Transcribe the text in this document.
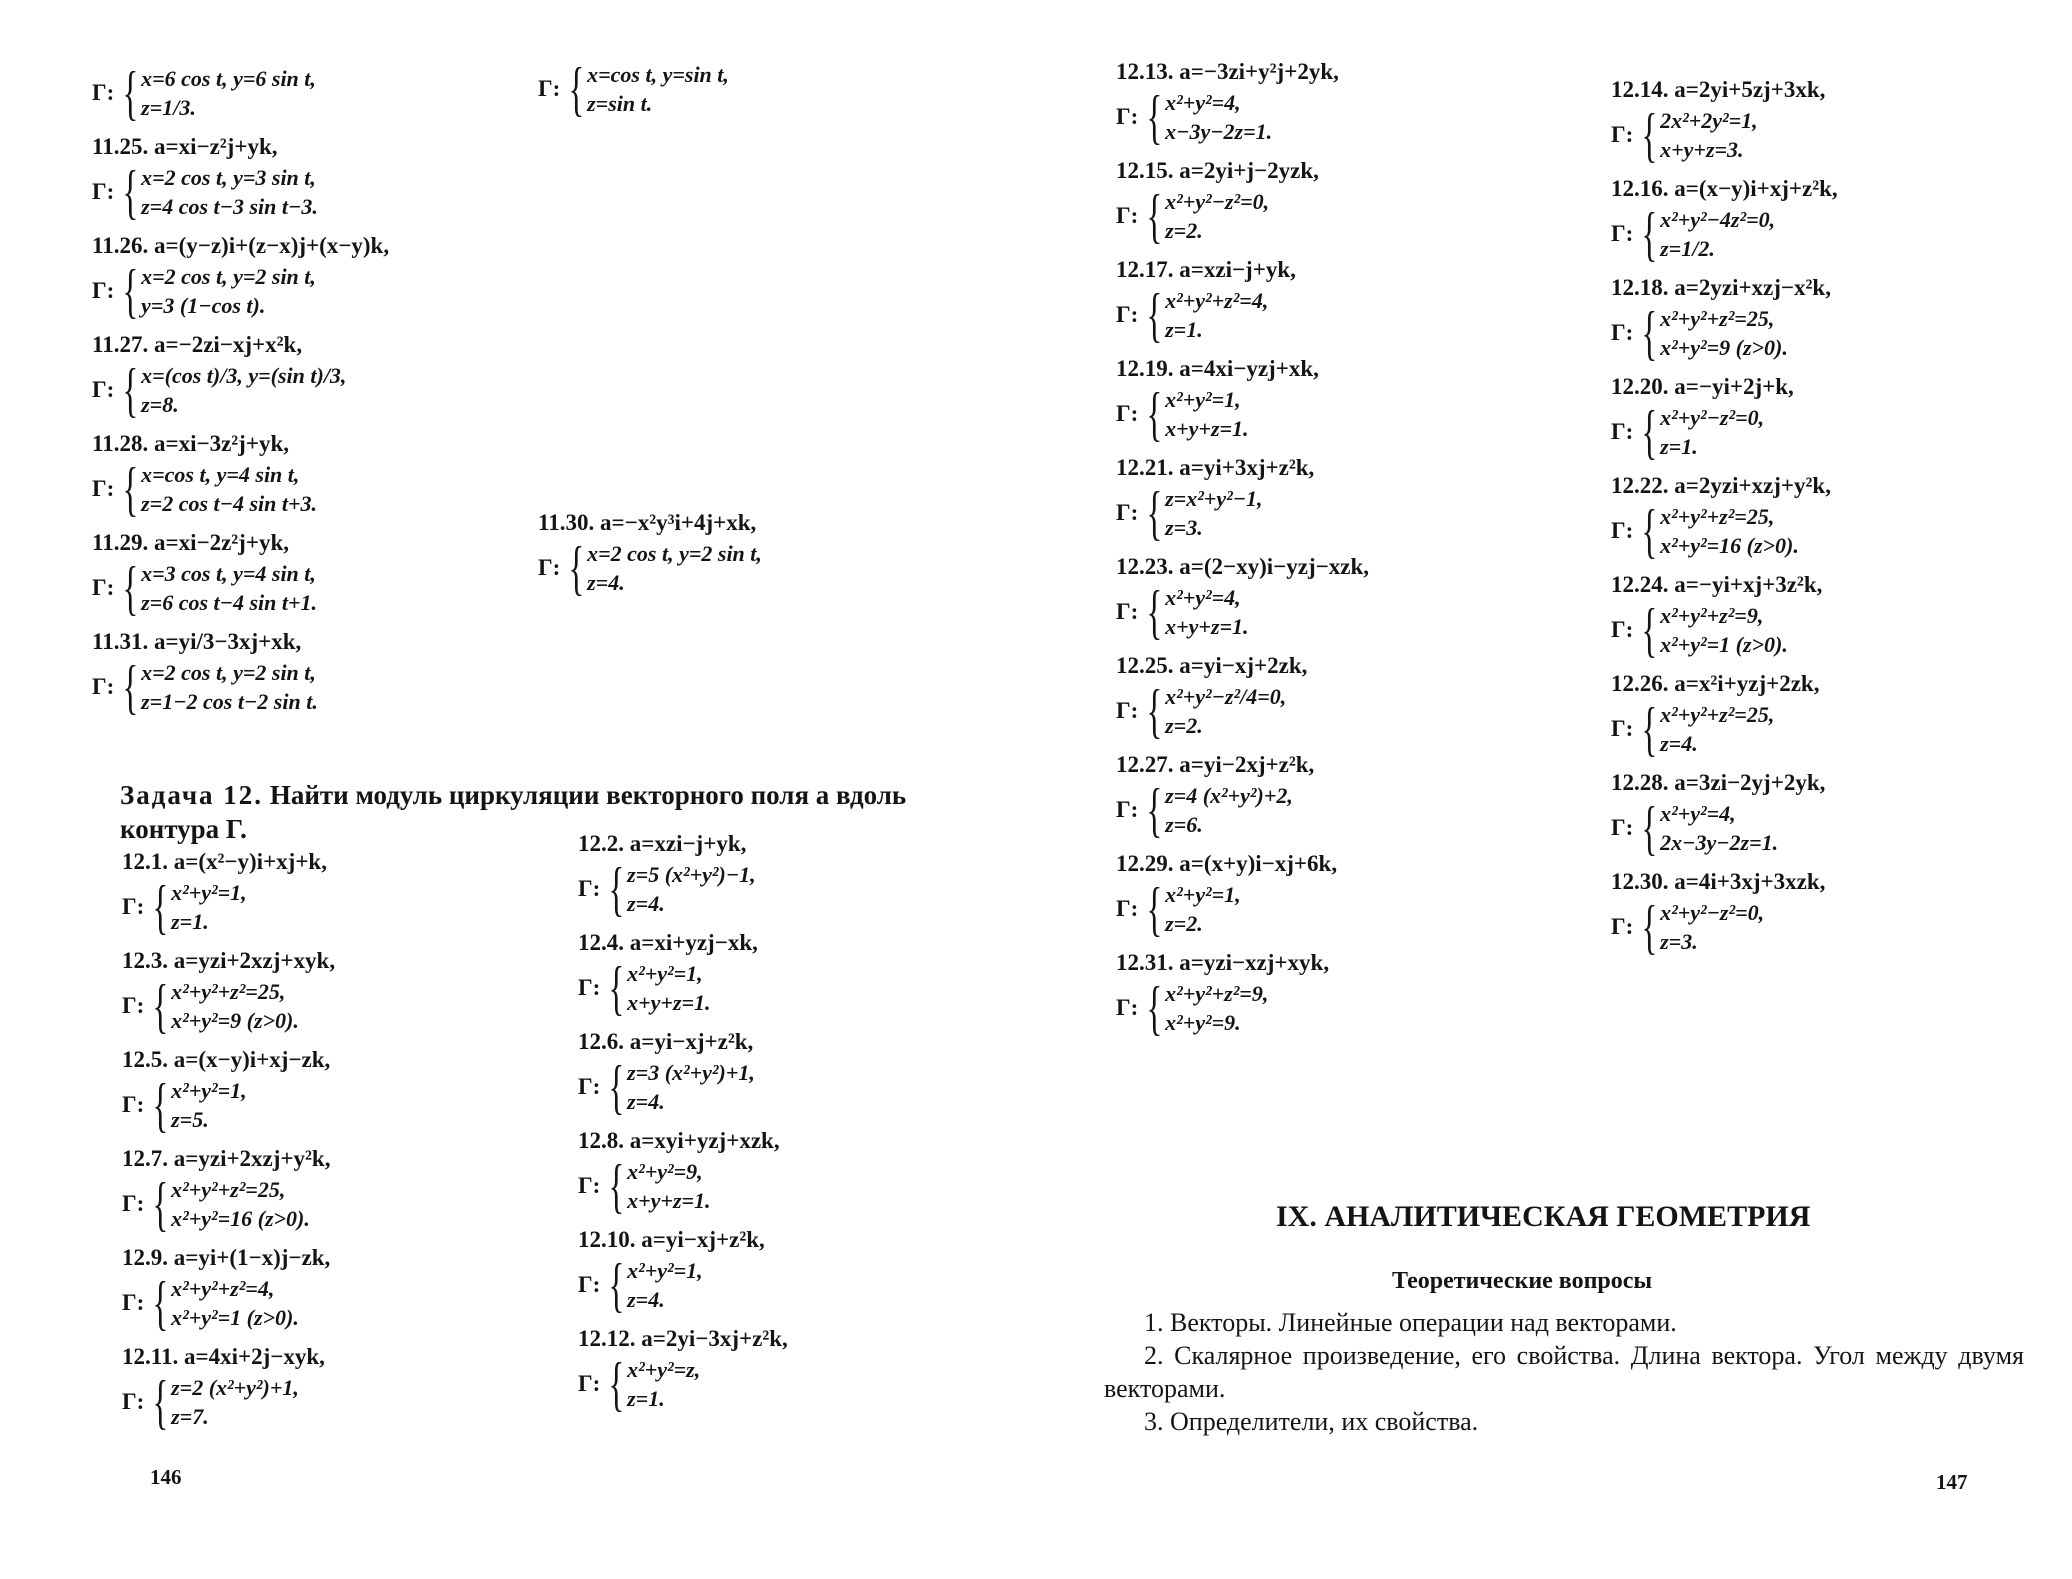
Г: { x=6 cos t, y=6 sin t,
z=1/3.
11.25. a=xi−z²j+yk,
Г: { x=2 cos t, y=3 sin t,
z=4 cos t−3 sin t−3.
11.26. a=(y−z)i+(z−x)j+(x−y)k,
Г: { x=2 cos t, y=2 sin t,
y=3 (1−cos t).
11.27. a=−2zi−xj+x²k,
Г: { x=(cos t)/3, y=(sin t)/3,
z=8.
11.28. a=xi−3z²j+yk,
Г: { x=cos t, y=4 sin t,
z=2 cos t−4 sin t+3.
11.29. a=xi−2z²j+yk,
Г: { x=3 cos t, y=4 sin t,
z=6 cos t−4 sin t+1.
11.31. a=yi/3−3xj+xk,
Г: { x=2 cos t, y=2 sin t,
z=1−2 cos t−2 sin t.
Г: { x=cos t, y=sin t,
z=sin t.
11.30. a=−x²y³i+4j+xk,
Г: { x=2 cos t, y=2 sin t,
z=4.
Задача 12. Найти модуль циркуляции векторного поля a вдоль контура Г.
12.1. a=(x²−y)i+xj+k,
Г: { x²+y²=1,
z=1.
12.3. a=yzi+2xzj+xyk,
Г: { x²+y²+z²=25,
x²+y²=9 (z>0).
12.5. a=(x−y)i+xj−zk,
Г: { x²+y²=1,
z=5.
12.7. a=yzi+2xzj+y²k,
Г: { x²+y²+z²=25,
x²+y²=16 (z>0).
12.9. a=yi+(1−x)j−zk,
Г: { x²+y²+z²=4,
x²+y²=1 (z>0).
12.11. a=4xi+2j−xyk,
Г: { z=2 (x²+y²)+1,
z=7.
12.2. a=xzi−j+yk,
Г: { z=5 (x²+y²)−1,
z=4.
12.4. a=xi+yzj−xk,
Г: { x²+y²=1,
x+y+z=1.
12.6. a=yi−xj+z²k,
Г: { z=3 (x²+y²)+1,
z=4.
12.8. a=xyi+yzj+xzk,
Г: { x²+y²=9,
x+y+z=1.
12.10. a=yi−xj+z²k,
Г: { x²+y²=1,
z=4.
12.12. a=2yi−3xj+z²k,
Г: { x²+y²=z,
z=1.
146
12.13. a=−3zi+y²j+2yk,
Г: { x²+y²=4,
x−3y−2z=1.
12.15. a=2yi+j−2yzk,
Г: { x²+y²−z²=0,
z=2.
12.17. a=xzi−j+yk,
Г: { x²+y²+z²=4,
z=1.
12.19. a=4xi−yzj+xk,
Г: { x²+y²=1,
x+y+z=1.
12.21. a=yi+3xj+z²k,
Г: { z=x²+y²−1,
z=3.
12.23. a=(2−xy)i−yzj−xzk,
Г: { x²+y²=4,
x+y+z=1.
12.25. a=yi−xj+2zk,
Г: { x²+y²−z²/4=0,
z=2.
12.27. a=yi−2xj+z²k,
Г: { z=4 (x²+y²)+2,
z=6.
12.29. a=(x+y)i−xj+6k,
Г: { x²+y²=1,
z=2.
12.31. a=yzi−xzj+xyk,
Г: { x²+y²+z²=9,
x²+y²=9.
12.14. a=2yi+5zj+3xk,
Г: { 2x²+2y²=1,
x+y+z=3.
12.16. a=(x−y)i+xj+z²k,
Г: { x²+y²−4z²=0,
z=1/2.
12.18. a=2yzi+xzj−x²k,
Г: { x²+y²+z²=25,
x²+y²=9 (z>0).
12.20. a=−yi+2j+k,
Г: { x²+y²−z²=0,
z=1.
12.22. a=2yzi+xzj+y²k,
Г: { x²+y²+z²=25,
x²+y²=16 (z>0).
12.24. a=−yi+xj+3z²k,
Г: { x²+y²+z²=9,
x²+y²=1 (z>0).
12.26. a=x²i+yzj+2zk,
Г: { x²+y²+z²=25,
z=4.
12.28. a=3zi−2yj+2yk,
Г: { x²+y²=4,
2x−3y−2z=1.
12.30. a=4i+3xj+3xzk,
Г: { x²+y²−z²=0,
z=3.
IX. АНАЛИТИЧЕСКАЯ ГЕОМЕТРИЯ
Теоретические вопросы
1. Векторы. Линейные операции над векторами.
2. Скалярное произведение, его свойства. Длина вектора. Угол между двумя векторами.
3. Определители, их свойства.
147
